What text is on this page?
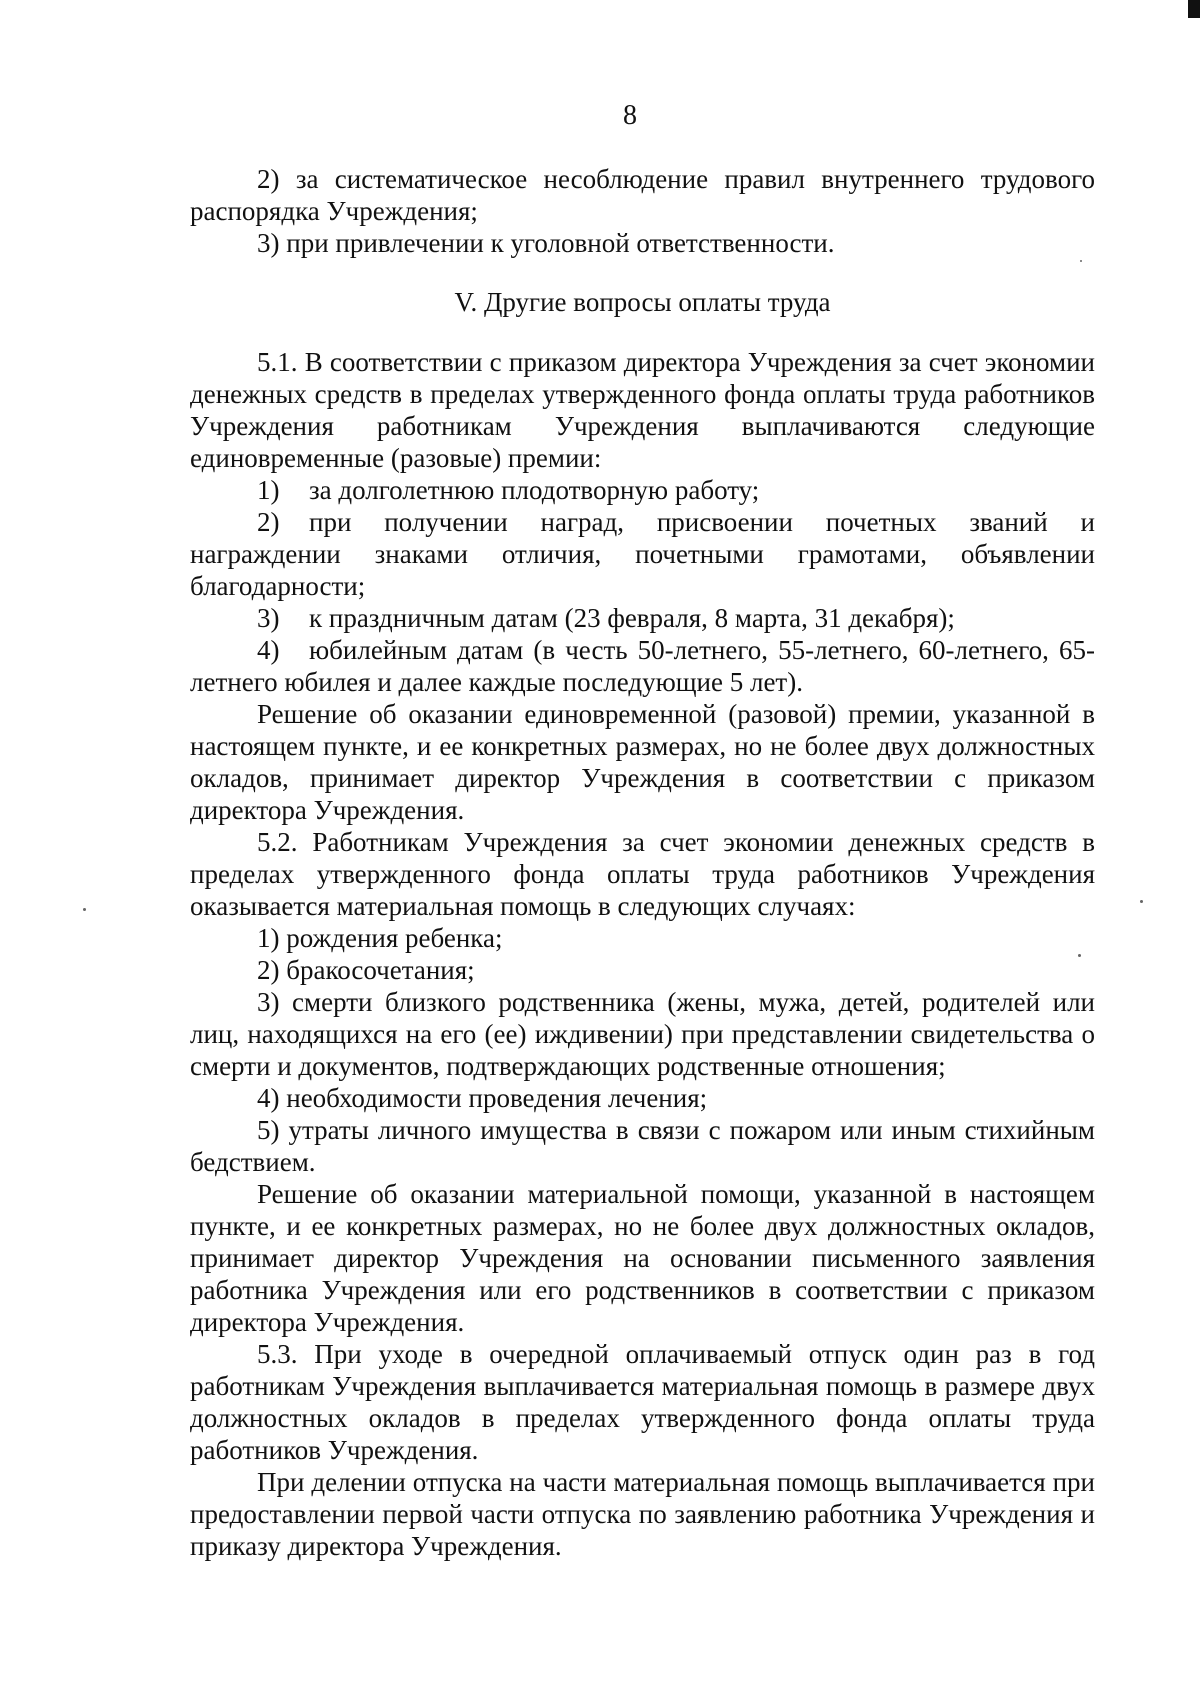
8

2) за систематическое несоблюдение правил внутреннего трудового распорядка Учреждения;

3) при привлечении к уголовной ответственности.

V. Другие вопросы оплаты труда

5.1. В соответствии с приказом директора Учреждения за счет экономии денежных средств в пределах утвержденного фонда оплаты труда работников Учреждения работникам Учреждения выплачиваются следующие единовременные (разовые) премии:

1) за долголетнюю плодотворную работу;

2) при получении наград, присвоении почетных званий и награждении знаками отличия, почетными грамотами, объявлении благодарности;

3) к праздничным датам (23 февраля, 8 марта, 31 декабря);

4) юбилейным датам (в честь 50-летнего, 55-летнего, 60-летнего, 65-летнего юбилея и далее каждые последующие 5 лет).

Решение об оказании единовременной (разовой) премии, указанной в настоящем пункте, и ее конкретных размерах, но не более двух должностных окладов, принимает директор Учреждения в соответствии с приказом директора Учреждения.

5.2. Работникам Учреждения за счет экономии денежных средств в пределах утвержденного фонда оплаты труда работников Учреждения оказывается материальная помощь в следующих случаях:

1) рождения ребенка;

2) бракосочетания;

3) смерти близкого родственника (жены, мужа, детей, родителей или лиц, находящихся на его (ее) иждивении) при представлении свидетельства о смерти и документов, подтверждающих родственные отношения;

4) необходимости проведения лечения;

5) утраты личного имущества в связи с пожаром или иным стихийным бедствием.

Решение об оказании материальной помощи, указанной в настоящем пункте, и ее конкретных размерах, но не более двух должностных окладов, принимает директор Учреждения на основании письменного заявления работника Учреждения или его родственников в соответствии с приказом директора Учреждения.

5.3. При уходе в очередной оплачиваемый отпуск один раз в год работникам Учреждения выплачивается материальная помощь в размере двух должностных окладов в пределах утвержденного фонда оплаты труда работников Учреждения.

При делении отпуска на части материальная помощь выплачивается при предоставлении первой части отпуска по заявлению работника Учреждения и приказу директора Учреждения.
